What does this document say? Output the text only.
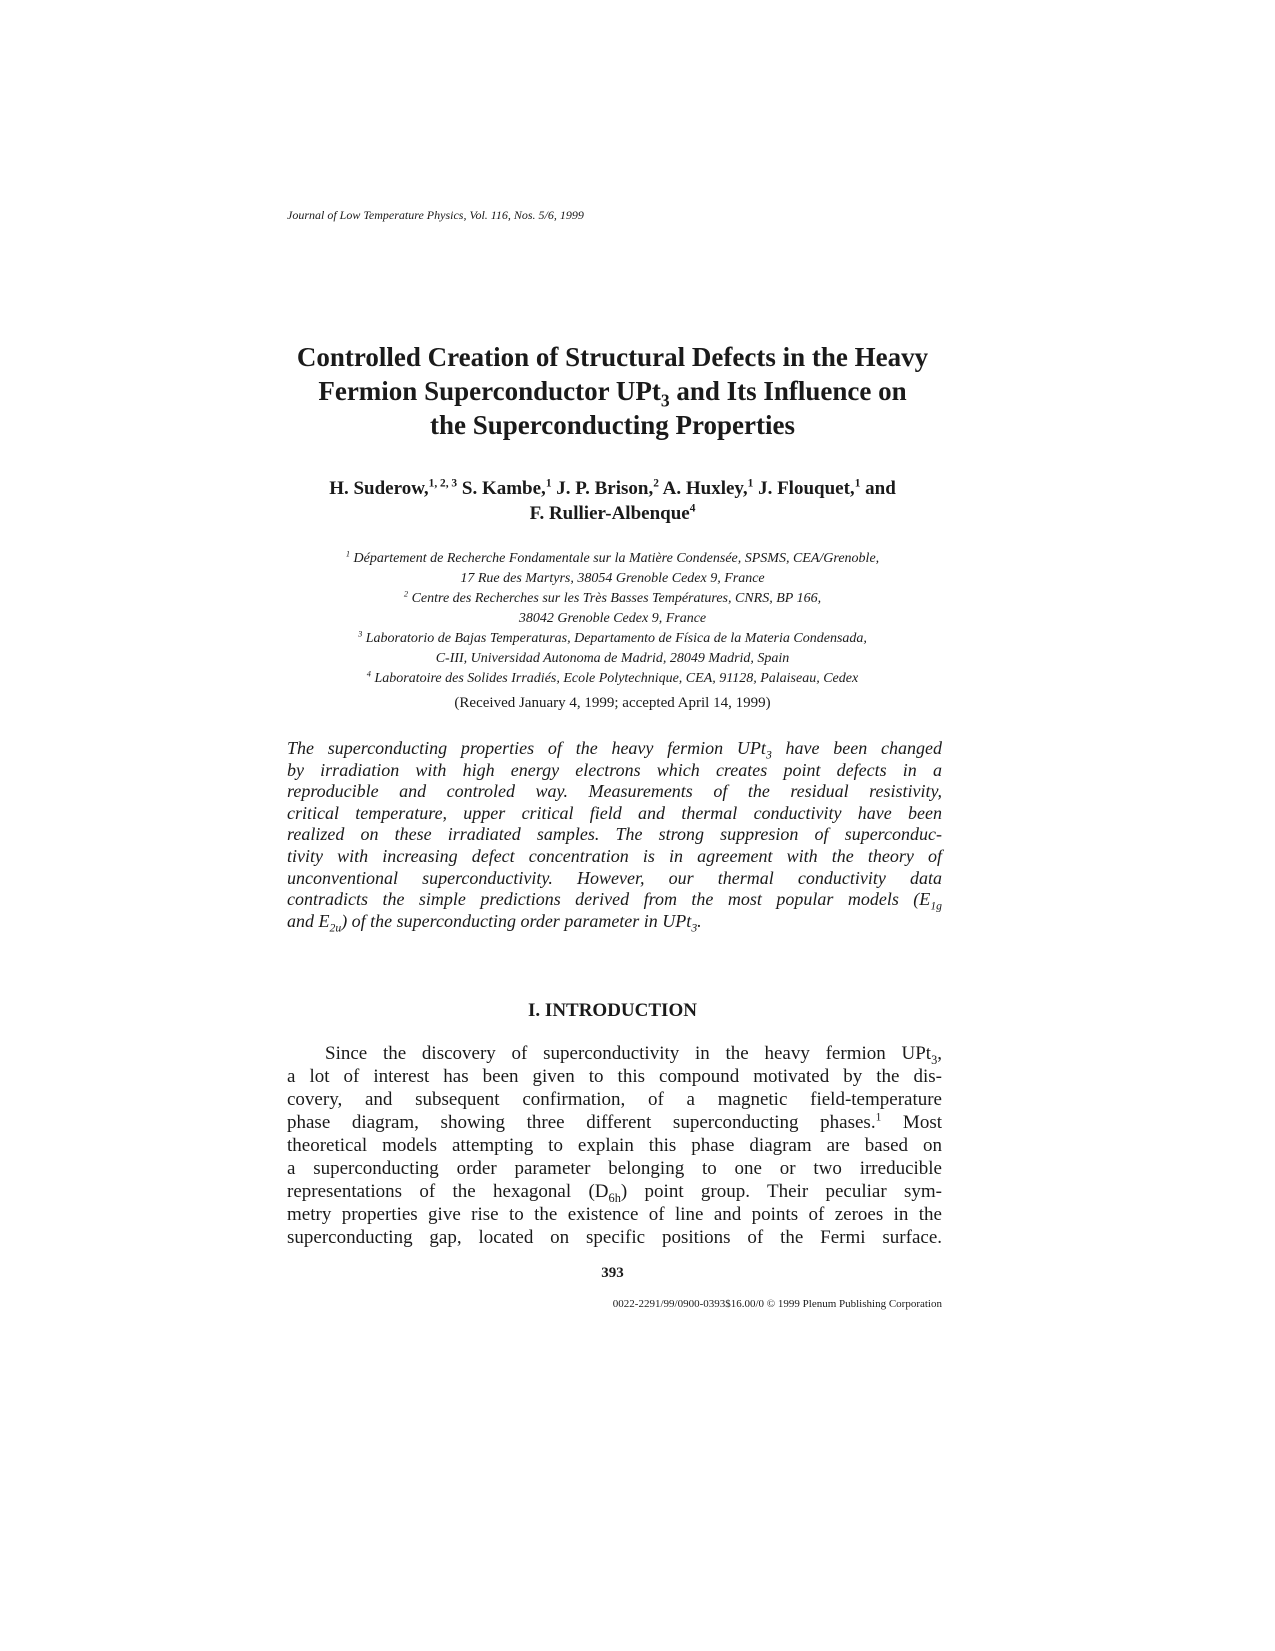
Journal of Low Temperature Physics, Vol. 116, Nos. 5/6, 1999
Controlled Creation of Structural Defects in the Heavy
Fermion Superconductor UPt$_3$ and Its Influence on
the Superconducting Properties
H. Suderow,$^{1, 2, 3}$ S. Kambe,$^1$ J. P. Brison,$^2$ A. Huxley,$^1$ J. Flouquet,$^1$ and
F. Rullier-Albenque$^4$
$^1$ Département de Recherche Fondamentale sur la Matière Condensée, SPSMS, CEA/Grenoble,
17 Rue des Martyrs, 38054 Grenoble Cedex 9, France
$^2$ Centre des Recherches sur les Très Basses Températures, CNRS, BP 166,
38042 Grenoble Cedex 9, France
$^3$ Laboratorio de Bajas Temperaturas, Departamento de Física de la Materia Condensada,
C-III, Universidad Autonoma de Madrid, 28049 Madrid, Spain
$^4$ Laboratoire des Solides Irradiés, Ecole Polytechnique, CEA, 91128, Palaiseau, Cedex
(Received January 4, 1999; accepted April 14, 1999)
The superconducting properties of the heavy fermion UPt$_3$ have been changed
by irradiation with high energy electrons which creates point defects in a
reproducible and controled way. Measurements of the residual resistivity,
critical temperature, upper critical field and thermal conductivity have been
realized on these irradiated samples. The strong suppresion of superconduc-
tivity with increasing defect concentration is in agreement with the theory of
unconventional superconductivity. However, our thermal conductivity data
contradicts the simple predictions derived from the most popular models ($E_{1g}$
and $E_{2u}$) of the superconducting order parameter in UPt$_3$.
I. INTRODUCTION
Since the discovery of superconductivity in the heavy fermion UPt$_3$,
a lot of interest has been given to this compound motivated by the dis-
covery, and subsequent confirmation, of a magnetic field-temperature
phase diagram, showing three different superconducting phases.$^1$ Most
theoretical models attempting to explain this phase diagram are based on
a superconducting order parameter belonging to one or two irreducible
representations of the hexagonal $(D_{6h})$ point group. Their peculiar sym-
metry properties give rise to the existence of line and points of zeroes in the
superconducting gap, located on specific positions of the Fermi surface.
393
0022-2291/99/0900-0393$16.00/0 © 1999 Plenum Publishing Corporation
